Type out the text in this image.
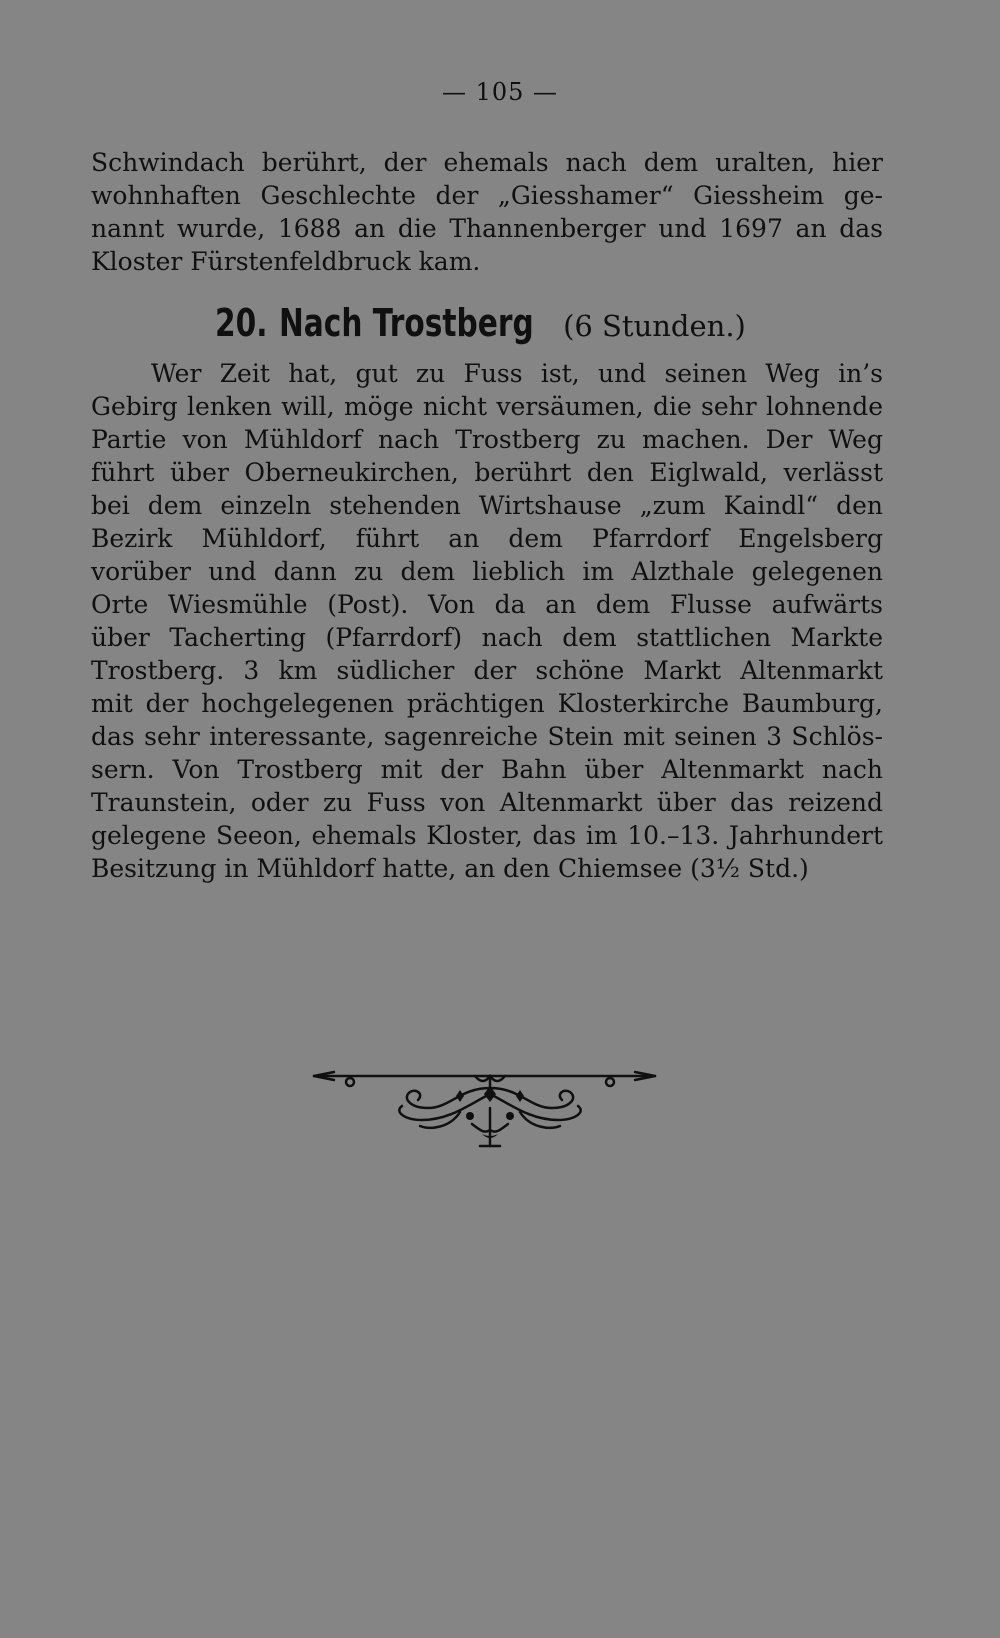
— 105 —
Schwindach berührt, der ehemals nach dem uralten, hier
wohnhaften Geschlechte der „Giesshamer“ Giessheim ge-
nannt wurde, 1688 an die Thannenberger und 1697 an das
Kloster Fürstenfeldbruck kam.
20. Nach Trostberg (6 Stunden.)
Wer Zeit hat, gut zu Fuss ist, und seinen Weg in’s
Gebirg lenken will, möge nicht versäumen, die sehr lohnende
Partie von Mühldorf nach Trostberg zu machen. Der Weg
führt über Oberneukirchen, berührt den Eiglwald, verlässt
bei dem einzeln stehenden Wirtshause „zum Kaindl“ den
Bezirk Mühldorf, führt an dem Pfarrdorf Engelsberg
vorüber und dann zu dem lieblich im Alzthale gelegenen
Orte Wiesmühle (Post). Von da an dem Flusse aufwärts
über Tacherting (Pfarrdorf) nach dem stattlichen Markte
Trostberg. 3 km südlicher der schöne Markt Altenmarkt
mit der hochgelegenen prächtigen Klosterkirche Baumburg,
das sehr interessante, sagenreiche Stein mit seinen 3 Schlös-
sern. Von Trostberg mit der Bahn über Altenmarkt nach
Traunstein, oder zu Fuss von Altenmarkt über das reizend
gelegene Seeon, ehemals Kloster, das im 10.–13. Jahrhundert
Besitzung in Mühldorf hatte, an den Chiemsee (3½ Std.)
